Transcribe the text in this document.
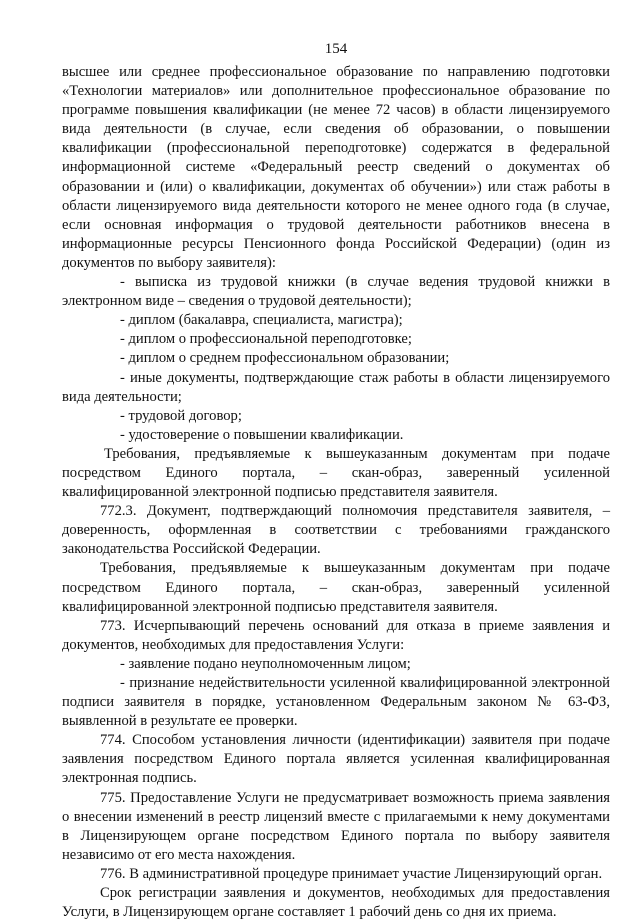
154

высшее или среднее профессиональное образование по направлению подготовки «Технологии материалов» или дополнительное профессиональное образование по программе повышения квалификации (не менее 72 часов) в области лицензируемого вида деятельности (в случае, если сведения об образовании, о повышении квалификации (профессиональной переподготовке) содержатся в федеральной информационной системе «Федеральный реестр сведений о документах об образовании и (или) о квалификации, документах об обучении») или стаж работы в области лицензируемого вида деятельности которого не менее одного года (в случае, если основная информация о трудовой деятельности работников внесена в информационные ресурсы Пенсионного фонда Российской Федерации) (один из документов по выбору заявителя):

- выписка из трудовой книжки (в случае ведения трудовой книжки в электронном виде – сведения о трудовой деятельности);

- диплом (бакалавра, специалиста, магистра);

- диплом о профессиональной переподготовке;

- диплом о среднем профессиональном образовании;

- иные документы, подтверждающие стаж работы в области лицензируемого вида деятельности;

- трудовой договор;

- удостоверение о повышении квалификации.

Требования, предъявляемые к вышеуказанным документам при подаче посредством Единого портала, – скан-образ, заверенный усиленной квалифицированной электронной подписью представителя заявителя.

772.3. Документ, подтверждающий полномочия представителя заявителя, – доверенность, оформленная в соответствии с требованиями гражданского законодательства Российской Федерации.

Требования, предъявляемые к вышеуказанным документам при подаче посредством Единого портала, – скан-образ, заверенный усиленной квалифицированной электронной подписью представителя заявителя.

773. Исчерпывающий перечень оснований для отказа в приеме заявления и документов, необходимых для предоставления Услуги:

- заявление подано неуполномоченным лицом;

- признание недействительности усиленной квалифицированной электронной подписи заявителя в порядке, установленном Федеральным законом № 63-ФЗ, выявленной в результате ее проверки.

774. Способом установления личности (идентификации) заявителя при подаче заявления посредством Единого портала является усиленная квалифицированная электронная подпись.

775. Предоставление Услуги не предусматривает возможность приема заявления о внесении изменений в реестр лицензий вместе с прилагаемыми к нему документами в Лицензирующем органе посредством Единого портала по выбору заявителя независимо от его места нахождения.

776. В административной процедуре принимает участие Лицензирующий орган.

Срок регистрации заявления и документов, необходимых для предоставления Услуги, в Лицензирующем органе составляет 1 рабочий день со дня их приема.
